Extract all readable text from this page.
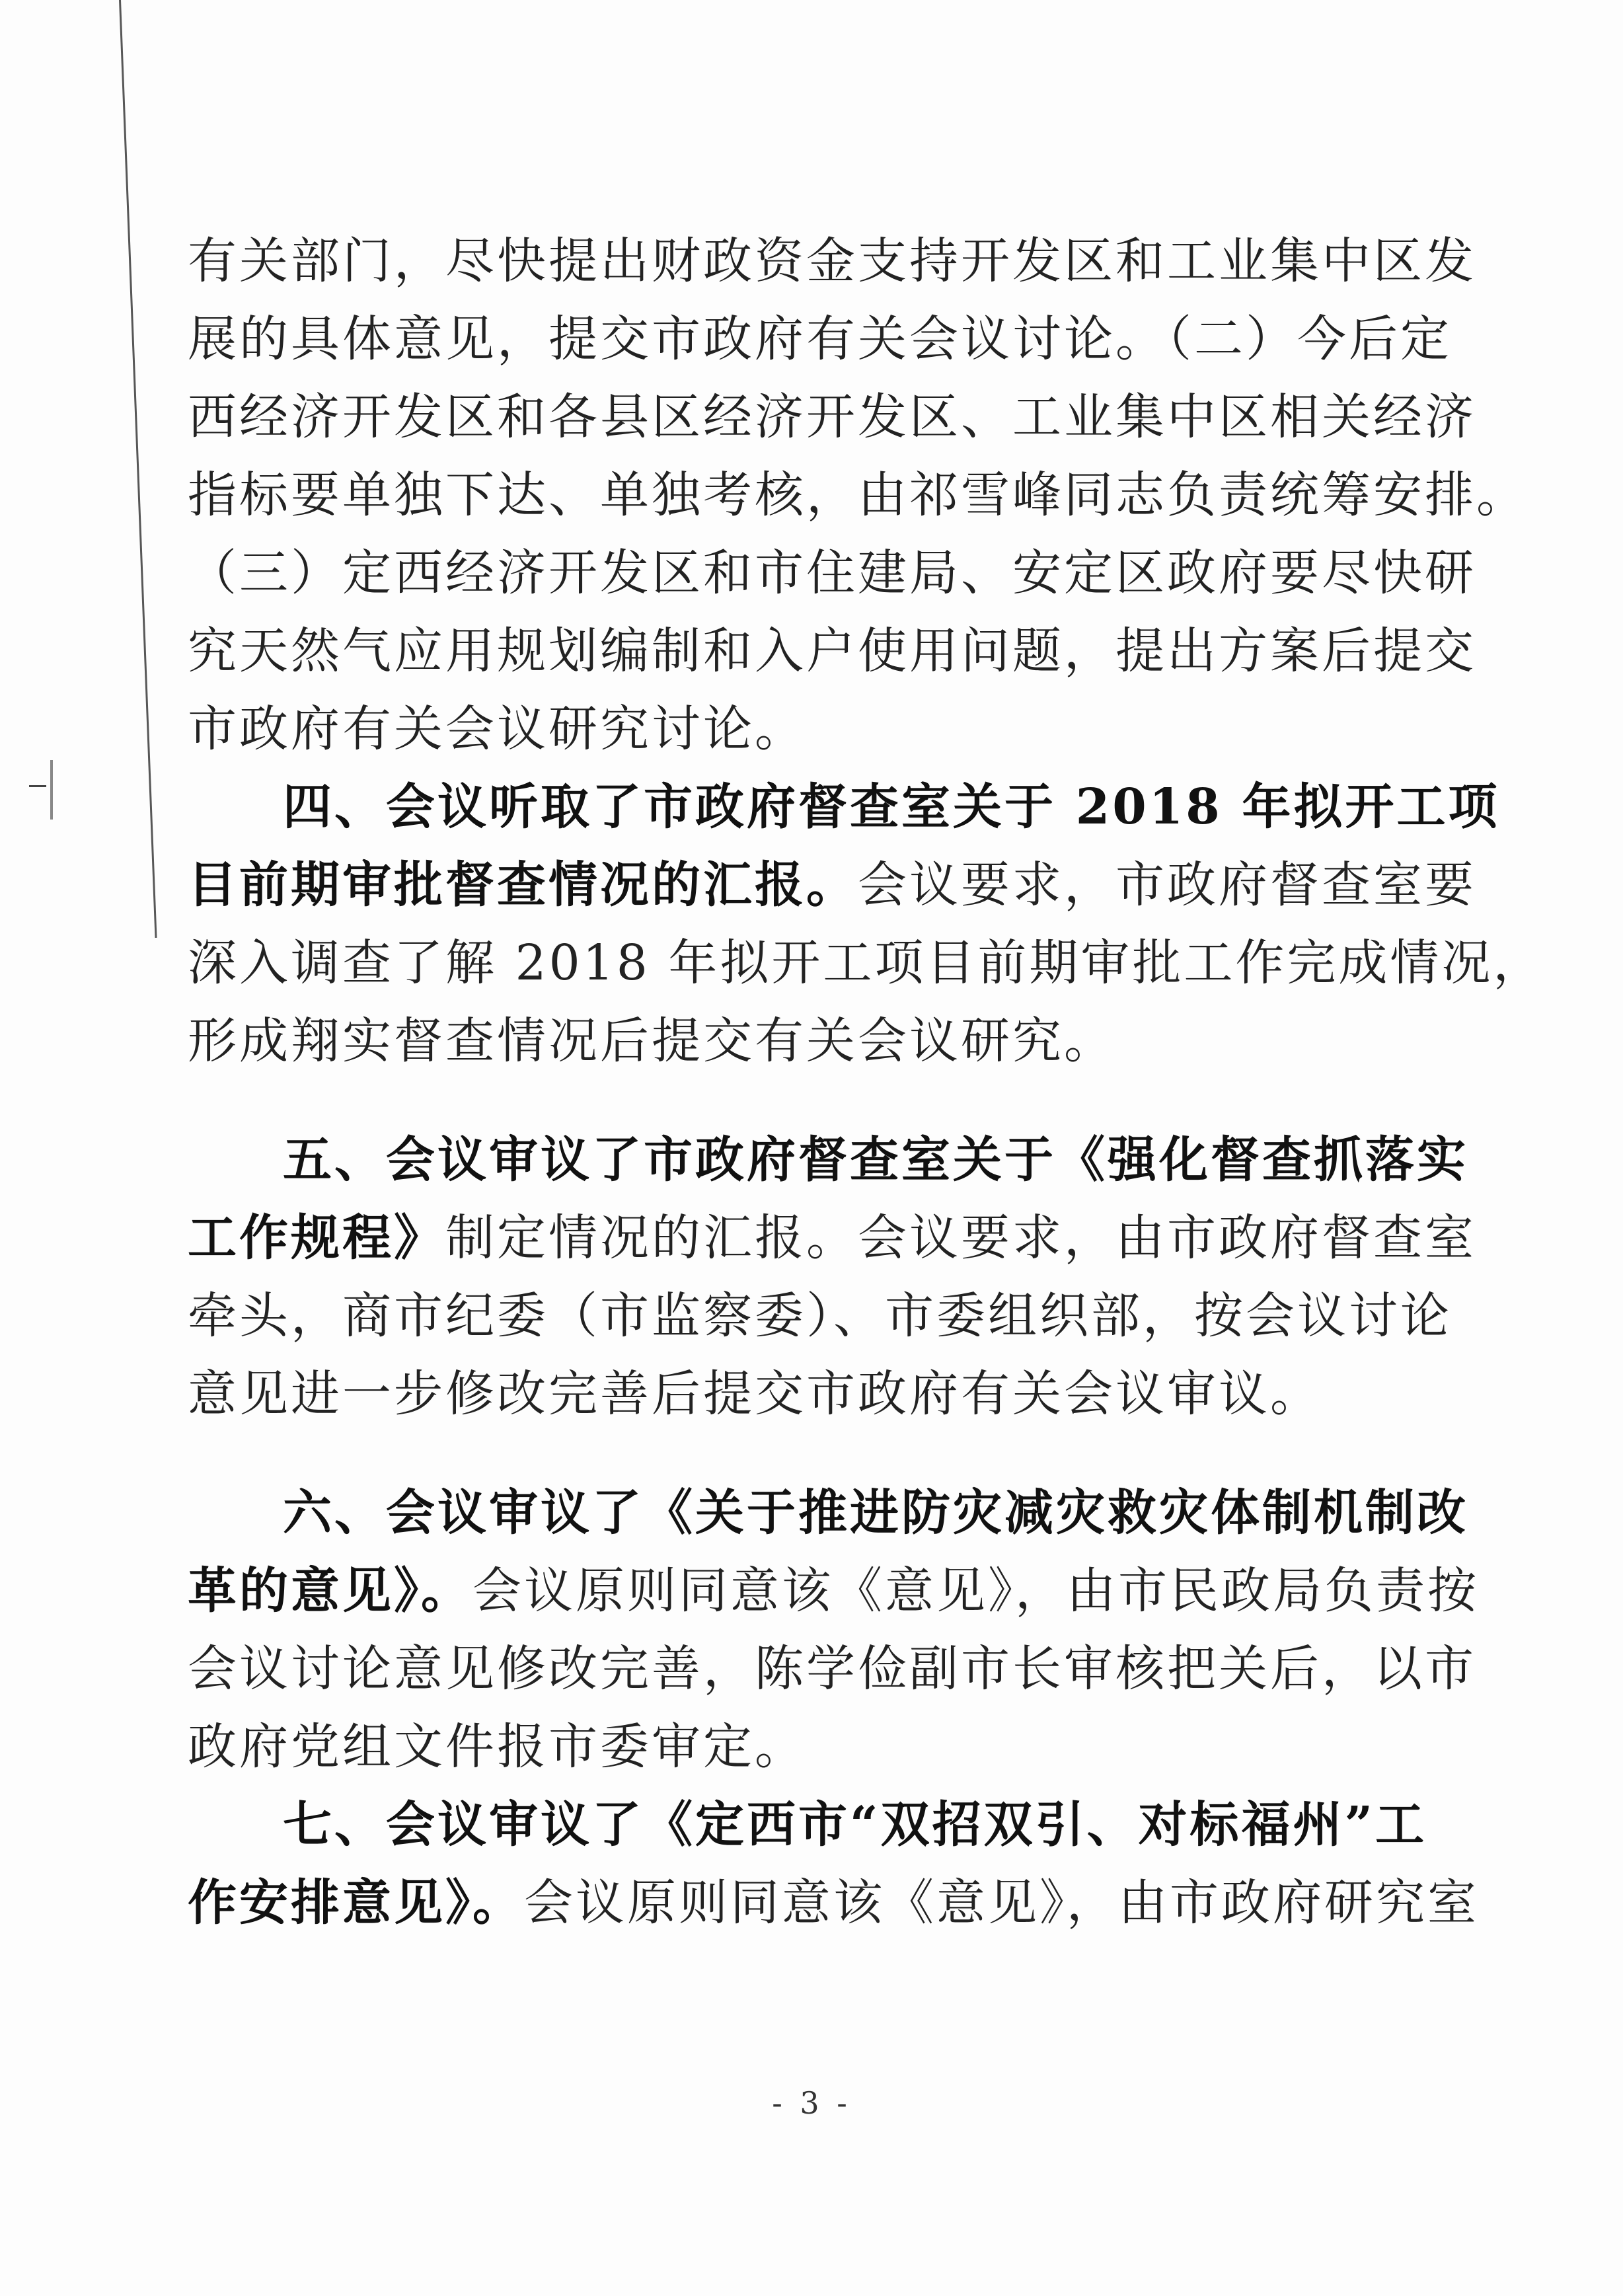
有关部门，尽快提出财政资金支持开发区和工业集中区发
展的具体意见，提交市政府有关会议讨论。（二）今后定
西经济开发区和各县区经济开发区、工业集中区相关经济
指标要单独下达、单独考核，由祁雪峰同志负责统筹安排。
（三）定西经济开发区和市住建局、安定区政府要尽快研
究天然气应用规划编制和入户使用问题，提出方案后提交
市政府有关会议研究讨论。
四、会议听取了市政府督查室关于 2018 年拟开工项
目前期审批督查情况的汇报。会议要求，市政府督查室要
深入调查了解 2018 年拟开工项目前期审批工作完成情况，
形成翔实督查情况后提交有关会议研究。
五、会议审议了市政府督查室关于《强化督查抓落实
工作规程》制定情况的汇报。会议要求，由市政府督查室
牵头，商市纪委（市监察委）、市委组织部，按会议讨论
意见进一步修改完善后提交市政府有关会议审议。
六、会议审议了《关于推进防灾减灾救灾体制机制改
革的意见》。会议原则同意该《意见》，由市民政局负责按
会议讨论意见修改完善，陈学俭副市长审核把关后，以市
政府党组文件报市委审定。
七、会议审议了《定西市“双招双引、对标福州”工
作安排意见》。会议原则同意该《意见》，由市政府研究室
- 3 -
